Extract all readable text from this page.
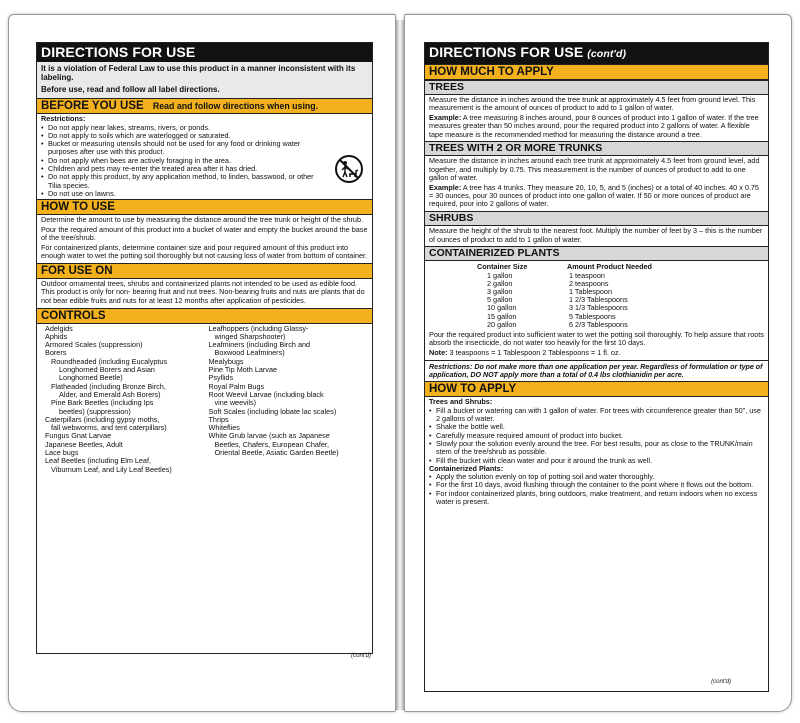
DIRECTIONS FOR USE

It is a violation of Federal Law to use this product in a manner inconsistent with its labeling.

Before use, read and follow all label directions.

BEFORE YOU USE Read and follow directions when using.
Restrictions:
• Do not apply near lakes, streams, rivers, or ponds.
• Do not apply to soils which are waterlogged or saturated.
• Bucket or measuring utensils should not be used for any food or drinking water purposes after use with this product.
• Do not apply when bees are actively foraging in the area.
• Children and pets may re-enter the treated area after it has dried.
• Do not apply this product, by any application method, to linden, basswood, or other Tilia species.
• Do not use on lawns.
HOW TO USE

Determine the amount to use by measuring the distance around the tree trunk or height of the shrub.

Pour the required amount of this product into a bucket of water and empty the bucket around the base of the tree/shrub.

For containerized plants, determine container size and pour required amount of this product into enough water to wet the potting soil thoroughly but not causing loss of water from bottom of container.

FOR USE ON

Outdoor ornamental trees, shrubs and containerized plants not intended to be used as edible food. This product is only for non- bearing fruit and nut trees. Non-bearing fruits and nuts are plants that do not bear edible fruits and nuts for at least 12 months after application of pesticides.

CONTROLS
Adelgids
Aphids
Armored Scales (suppression)
Borers
Roundheaded (including Eucalyptus
Longhorned Borers and Asian
Longhorned Beetle)
Flatheaded (including Bronze Birch,
Alder, and Emerald Ash Borers)
Pine Bark Beetles (including Ips
beetles) (suppression)
Caterpillars (including gypsy moths,
fall webworms, and tent caterpillars)
Fungus Gnat Larvae
Japanese Beetles, Adult
Lace bugs
Leaf Beetles (including Elm Leaf,
Viburnum Leaf, and Lily Leaf Beetles)
Leafhoppers (including Glassy-
winged Sharpshooter)
Leafminers (including Birch and
Boxwood Leafminers)
Mealybugs
Pine Tip Moth Larvae
Psyllids
Royal Palm Bugs
Root Weevil Larvae (including black
vine weevils)
Soft Scales (including lobate lac scales)
Thrips
Whiteflies
White Grub larvae (such as Japanese
Beetles, Chafers, European Chafer,
Oriental Beetle, Asiatic Garden Beetle)
(cont'd)
DIRECTIONS FOR USE (cont'd)
HOW MUCH TO APPLY
TREES

Measure the distance in inches around the tree trunk at approximately 4.5 feet from ground level. This measurement is the amount of ounces of product to add to 1 gallon of water.

Example: A tree measuring 8 inches around, pour 8 ounces of product into 1 gallon of water. If the tree measures greater than 50 inches around, pour the required product into 2 gallons of water. A flexible tape measure is the recommended method for measuring the distance around a tree.

TREES WITH 2 OR MORE TRUNKS

Measure the distance in inches around each tree trunk at approximately 4.5 feet from ground level, add together, and multiply by 0.75. This measurement is the number of ounces of product to add to one gallon of water.

Example: A tree has 4 trunks. They measure 20, 10, 5, and 5 (inches) or a total of 40 inches. 40 x 0.75 = 30 ounces, pour 30 ounces of product into one gallon of water. If 50 or more ounces of product are required, pour into 2 gallons of water.

SHRUBS

Measure the height of the shrub to the nearest foot. Multiply the number of feet by 3 – this is the number of ounces of product to add to 1 gallon of water.

CONTAINERIZED PLANTS
Container Size	Amount Product Needed
1 gallon	1 teaspoon
2 gallon	2 teaspoons
3 gallon	1 Tablespoon
5 gallon	1 2/3 Tablespoons
10 gallon	3 1/3 Tablespoons
15 gallon	5 Tablespoons
20 gallon	6 2/3 Tablespoons

Pour the required product into sufficient water to wet the potting soil thoroughly. To help assure that roots absorb the insecticide, do not water too heavily for the first 10 days.

Note: 3 teaspoons = 1 Tablespoon 2 Tablespoons = 1 fl. oz.

Restrictions: Do not make more than one application per year. Regardless of formulation or type of application, DO NOT apply more than a total of 0.4 lbs clothianidin per acre.
HOW TO APPLY
Trees and Shrubs:
• Fill a bucket or watering can with 1 gallon of water. For trees with circumference greater than 50", use 2 gallons of water.
• Shake the bottle well.
• Carefully measure required amount of product into bucket.
• Slowly pour the solution evenly around the tree. For best results, pour as close to the TRUNK/main stem of the tree/shrub as possible.
• Fill the bucket with clean water and pour it around the trunk as well.
Containerized Plants:
• Apply the solution evenly on top of potting soil and water thoroughly.
• For the first 10 days, avoid flushing through the container to the point where it flows out the bottom.
• For indoor containerized plants, bring outdoors, make treatment, and return indoors when no excess water is present.
(cont'd)
